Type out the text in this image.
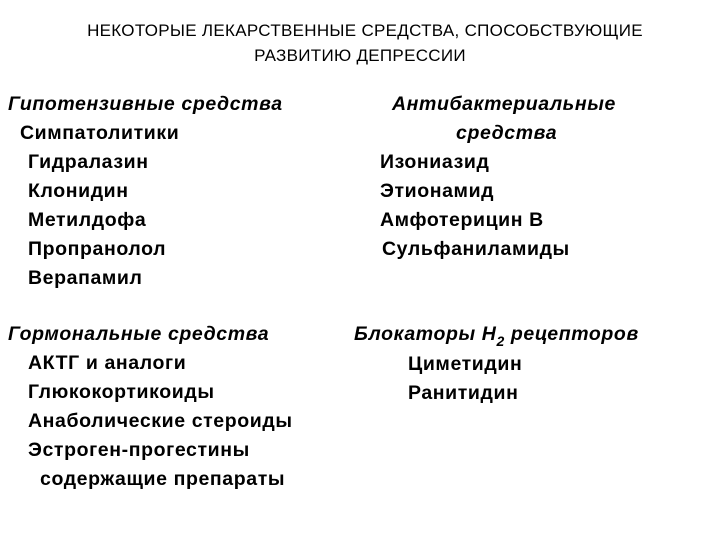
НЕКОТОРЫЕ ЛЕКАРСТВЕННЫЕ СРЕДСТВА, СПОСОБСТВУЮЩИЕ
РАЗВИТИЮ ДЕПРЕССИИ
Гипотензивные средства
Симпатолитики
Гидралазин
Клонидин
Метилдофа
Пропранолол
Верапамил
Антибактериальные
средства
Изониазид
Этионамид
Амфотерицин В
Сульфаниламиды
Гормональные средства
АКТГ и аналоги
Глюкокортикоиды
Анаболические стероиды
Эстроген-прогестины
содержащие препараты
Блокаторы $Н_2$ рецепторов
Циметидин
Ранитидин
